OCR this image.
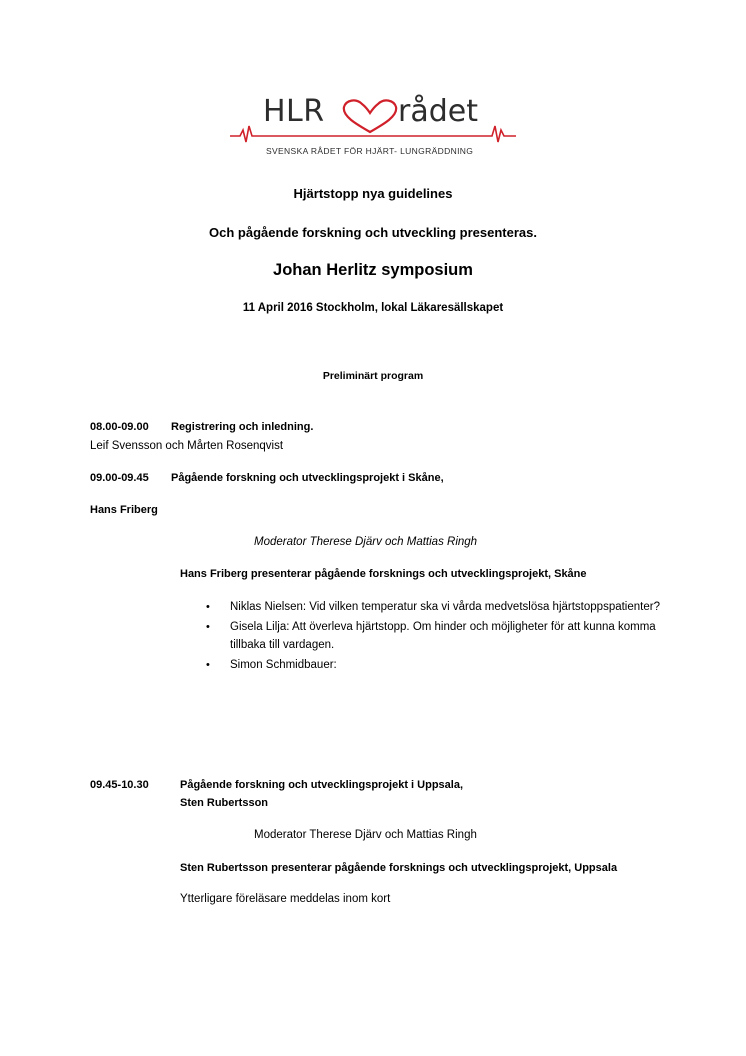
HLR rådet
SVENSKA RÅDET FÖR HJÄRT- LUNGRÄDDNING
Hjärtstopp nya guidelines
Och pågående forskning och utveckling presenteras.
Johan Herlitz symposium
11 April 2016 Stockholm, lokal Läkaresällskapet
Preliminärt program
08.00-09.00 Registrering och inledning.
Leif Svensson och Mårten Rosenqvist
09.00-09.45 Pågående forskning och utvecklingsprojekt i Skåne,
Hans Friberg
Moderator Therese Djärv och Mattias Ringh
Hans Friberg presenterar pågående forsknings och utvecklingsprojekt, Skåne
• Niklas Nielsen: Vid vilken temperatur ska vi vårda medvetslösa hjärtstoppspatienter?
• Gisela Lilja: Att överleva hjärtstopp. Om hinder och möjligheter för att kunna komma tillbaka till vardagen.
• Simon Schmidbauer:
09.45-10.30	Pågående forskning och utvecklingsprojekt i Uppsala,
Sten Rubertsson
Moderator Therese Djärv och Mattias Ringh
Sten Rubertsson presenterar pågående forsknings och utvecklingsprojekt, Uppsala
Ytterligare föreläsare meddelas inom kort
